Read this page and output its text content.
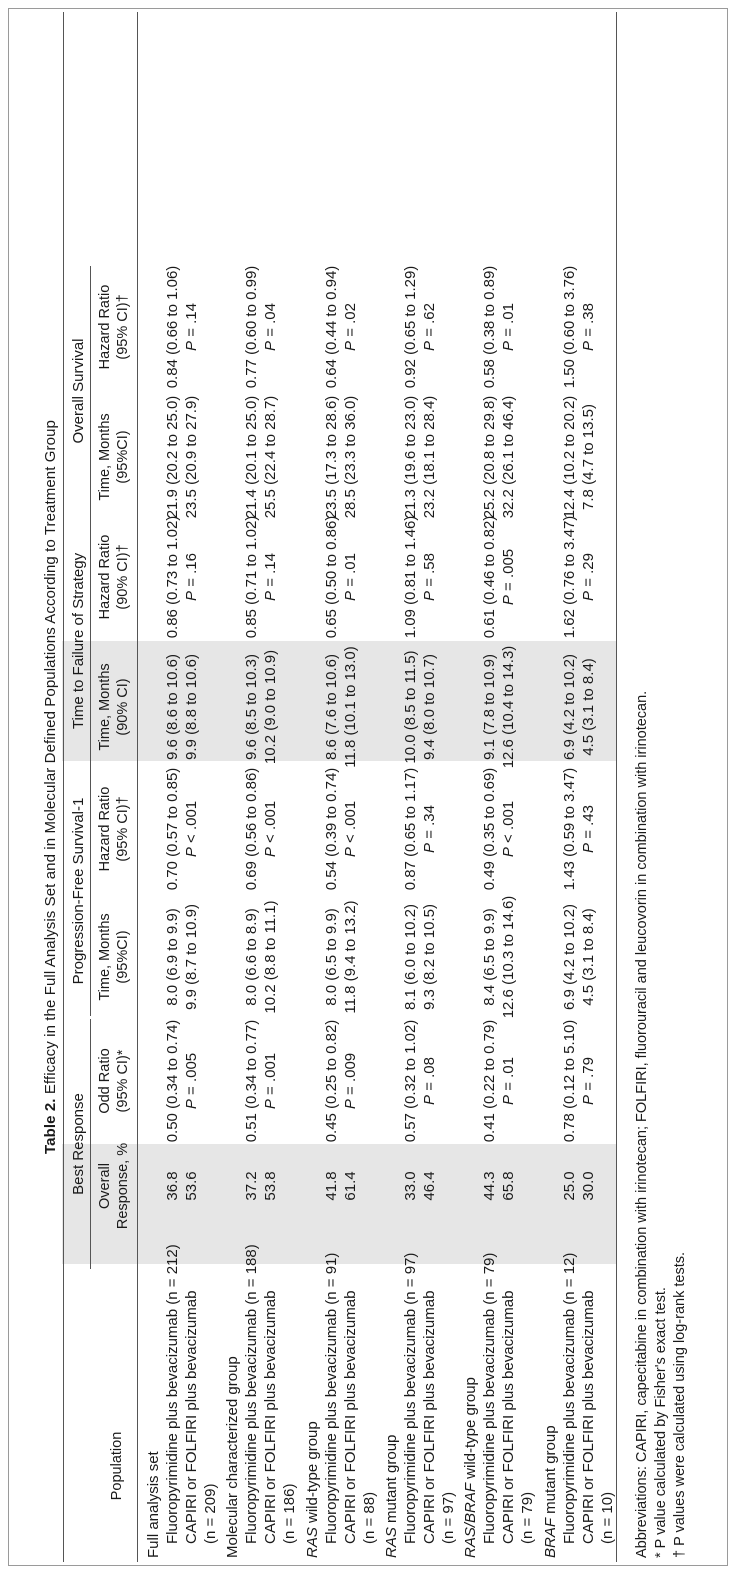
Table 2. Efficacy in the Full Analysis Set and in Molecular Defined Populations According to Treatment Group
Best Response
Progression-Free Survival-1
Time to Failure of Strategy
Overall Survival
Population
Overall Response, %
Odd Ratio (95% CI)*
Time, Months (95%CI)
Hazard Ratio (95% CI)†
Time, Months (90% CI)
Hazard Ratio (90% CI)†
Time, Months (95%CI)
Hazard Ratio (95% CI)†
Full analysis set Fluoropyrimidine plus bevacizumab (n = 212) CAPIRI or FOLFIRI plus bevacizumab (n = 209)
36.8 53.6
0.50 (0.34 to 0.74) P = .005
8.0 (6.9 to 9.9) 9.9 (8.7 to 10.9)
0.70 (0.57 to 0.85) P < .001
9.6 (8.6 to 10.6) 9.9 (8.8 to 10.6)
0.86 (0.73 to 1.02) P = .16
21.9 (20.2 to 25.0) 23.5 (20.9 to 27.9)
0.84 (0.66 to 1.06) P = .14
Molecular characterized group Fluoropyrimidine plus bevacizumab (n = 188) CAPIRI or FOLFIRI plus bevacizumab (n = 186)
37.2 53.8
0.51 (0.34 to 0.77) P = .001
8.0 (6.6 to 8.9) 10.2 (8.8 to 11.1)
0.69 (0.56 to 0.86) P < .001
9.6 (8.5 to 10.3) 10.2 (9.0 to 10.9)
0.85 (0.71 to 1.02) P = .14
21.4 (20.1 to 25.0) 25.5 (22.4 to 28.7)
0.77 (0.60 to 0.99) P = .04
RAS wild-type group Fluoropyrimidine plus bevacizumab (n = 91) CAPIRI or FOLFIRI plus bevacizumab (n = 88)
41.8 61.4
0.45 (0.25 to 0.82) P = .009
8.0 (6.5 to 9.9) 11.8 (9.4 to 13.2)
0.54 (0.39 to 0.74) P < .001
8.6 (7.6 to 10.6) 11.8 (10.1 to 13.0)
0.65 (0.50 to 0.86) P = .01
23.5 (17.3 to 28.6) 28.5 (23.3 to 36.0)
0.64 (0.44 to 0.94) P = .02
RAS mutant group Fluoropyrimidine plus bevacizumab (n = 97) CAPIRI or FOLFIRI plus bevacizumab (n = 97)
33.0 46.4
0.57 (0.32 to 1.02) P = .08
8.1 (6.0 to 10.2) 9.3 (8.2 to 10.5)
0.87 (0.65 to 1.17) P = .34
10.0 (8.5 to 11.5) 9.4 (8.0 to 10.7)
1.09 (0.81 to 1.46) P = .58
21.3 (19.6 to 23.0) 23.2 (18.1 to 28.4)
0.92 (0.65 to 1.29) P = .62
RAS/BRAF wild-type group Fluoropyrimidine plus bevacizumab (n = 79) CAPIRI or FOLFIRI plus bevacizumab (n = 79)
44.3 65.8
0.41 (0.22 to 0.79) P = .01
8.4 (6.5 to 9.9) 12.6 (10.3 to 14.6)
0.49 (0.35 to 0.69) P < .001
9.1 (7.8 to 10.9) 12.6 (10.4 to 14.3)
0.61 (0.46 to 0.82) P = .005
25.2 (20.8 to 29.8) 32.2 (26.1 to 46.4)
0.58 (0.38 to 0.89) P = .01
BRAF mutant group Fluoropyrimidine plus bevacizumab (n = 12) CAPIRI or FOLFIRI plus bevacizumab (n = 10)
25.0 30.0
0.78 (0.12 to 5.10) P = .79
6.9 (4.2 to 10.2) 4.5 (3.1 to 8.4)
1.43 (0.59 to 3.47) P = .43
6.9 (4.2 to 10.2) 4.5 (3.1 to 8.4)
1.62 (0.76 to 3.47) P = .29
12.4 (10.2 to 20.2) 7.8 (4.7 to 13.5)
1.50 (0.60 to 3.76) P = .38
Abbreviations: CAPIRI, capecitabine in combination with irinotecan; FOLFIRI, fluorouracil and leucovorin in combination with irinotecan. * P value calculated by Fisher's exact test. † P values were calculated using log-rank tests.
